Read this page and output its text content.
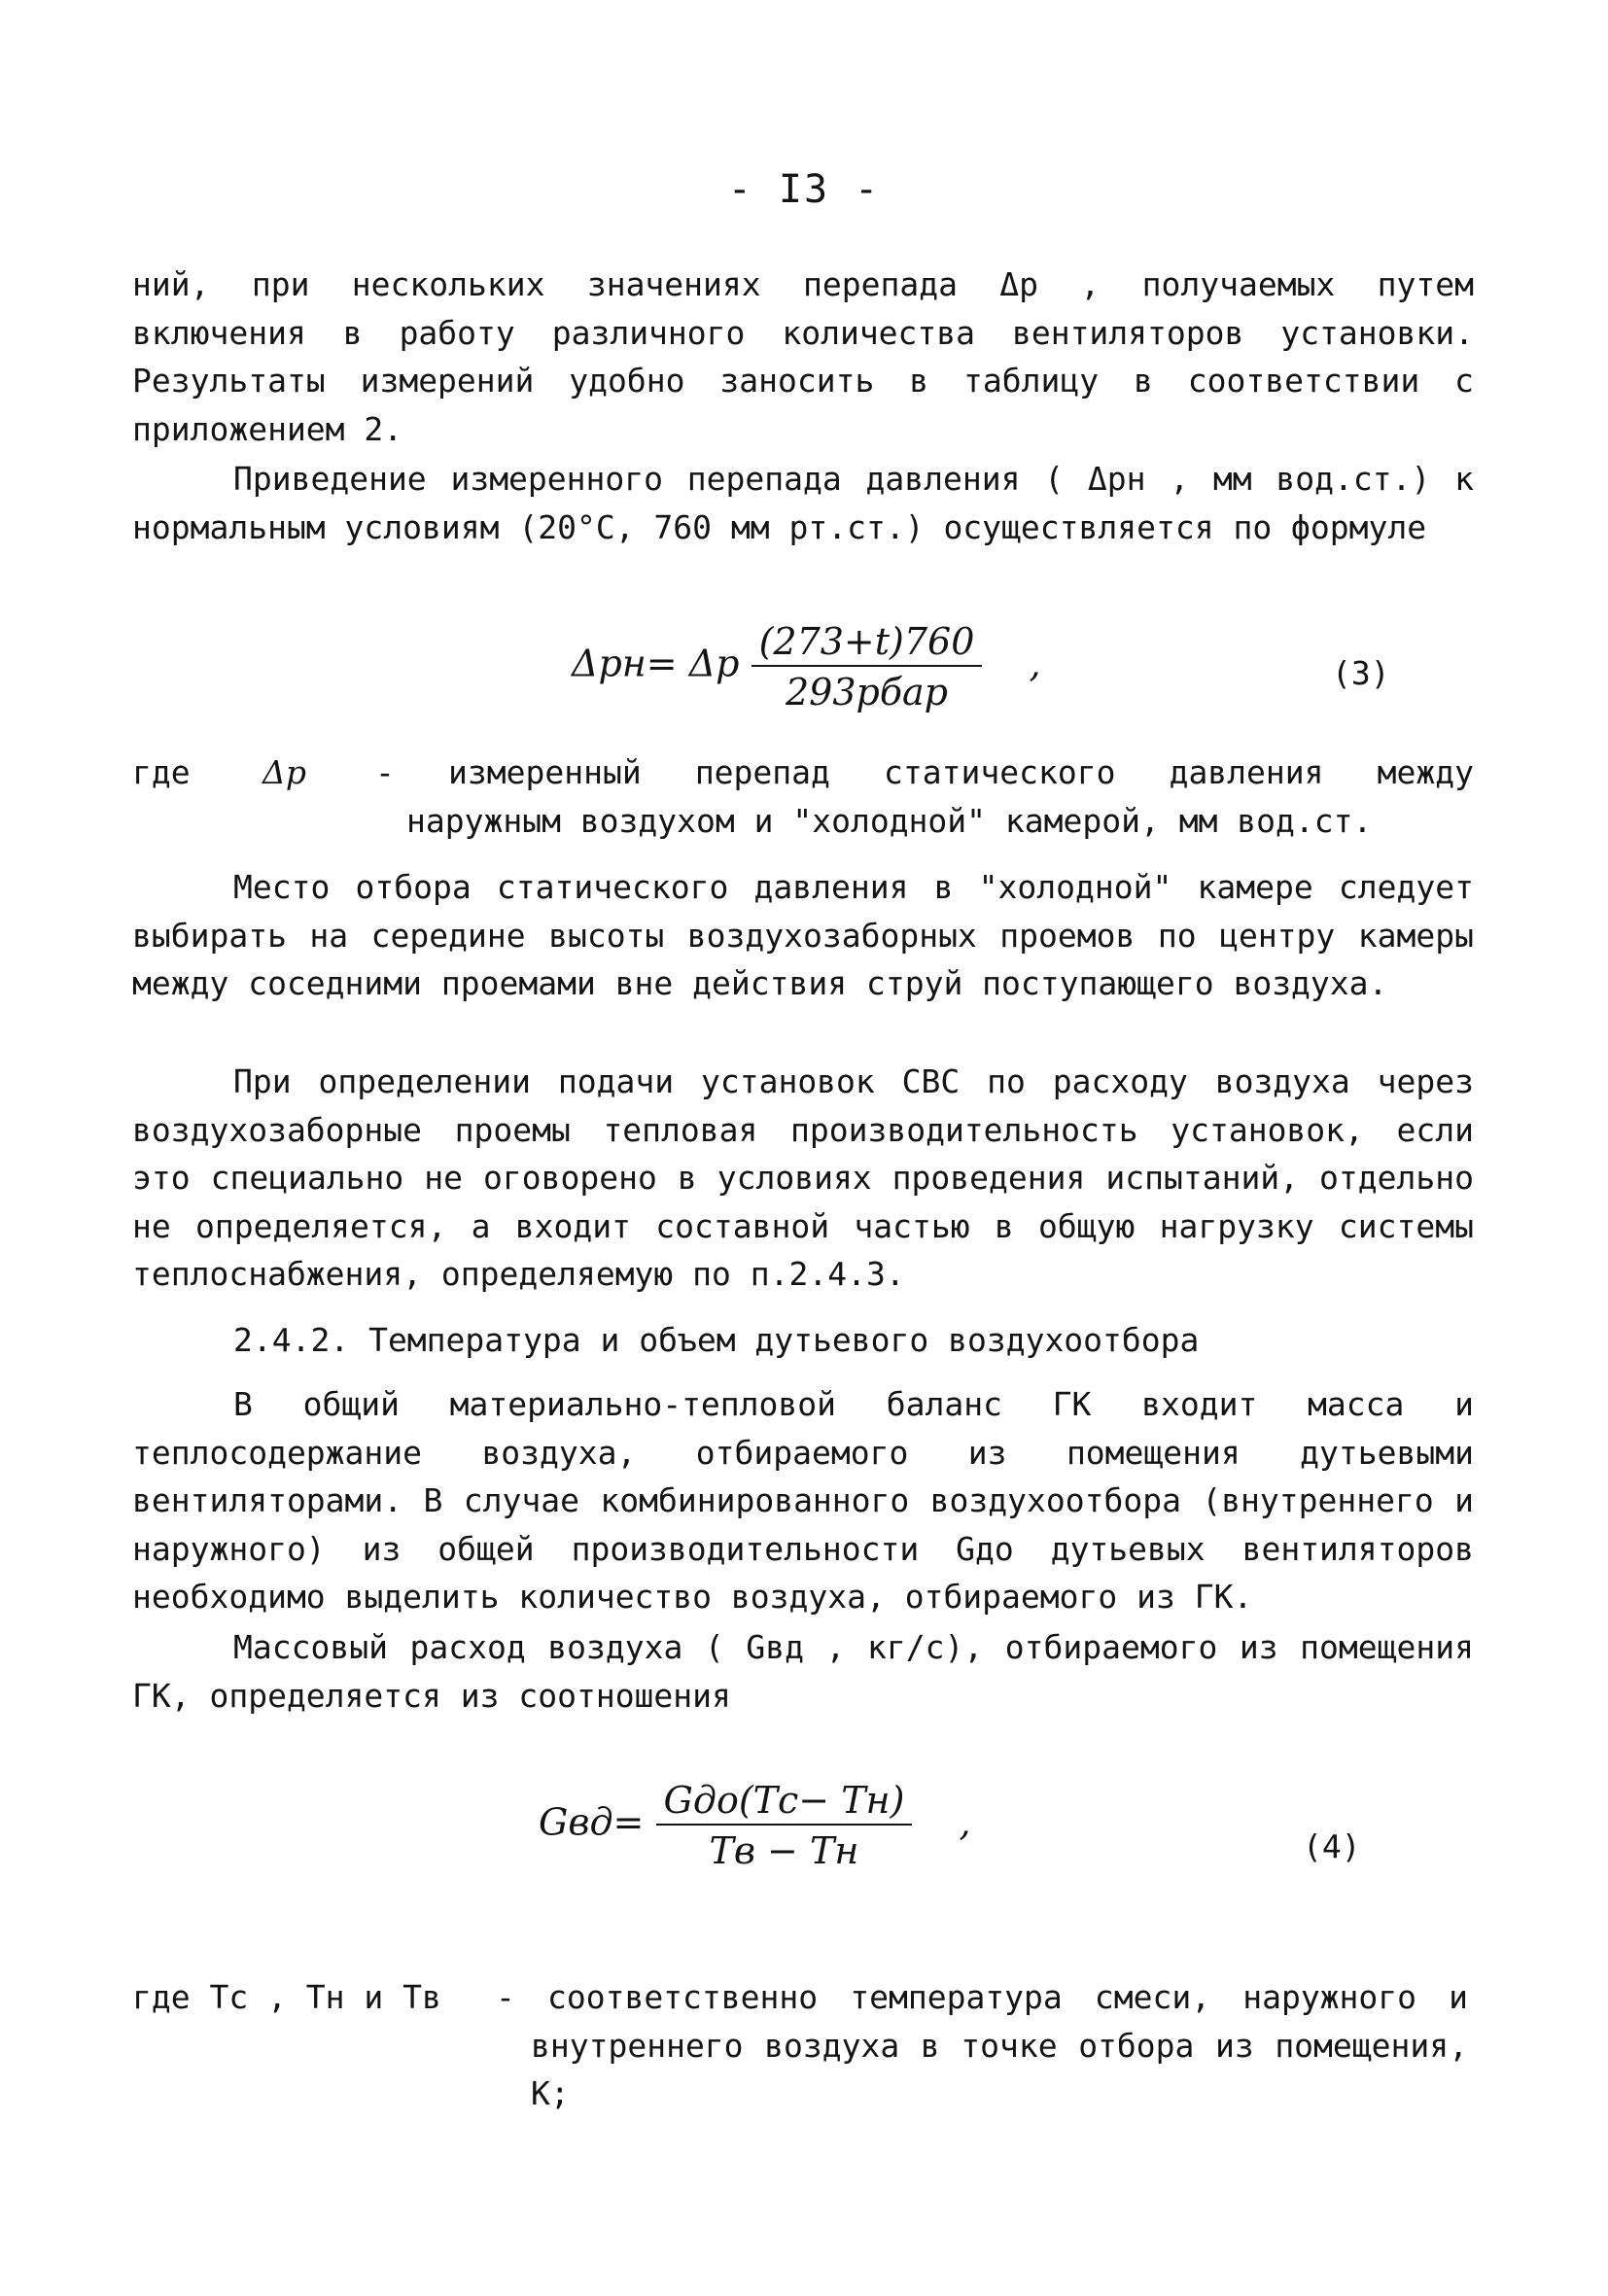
- I3 -

ний, при нескольких значениях перепада Δp , получаемых путем включения в работу различного количества вентиляторов установки. Результаты измерений удобно заносить в таблицу в соответствии с приложением 2.

Приведение измеренного перепада давления ( Δpн , мм вод.ст.) к нормальным условиям (20°С, 760 мм рт.ст.) осуществляется по формуле

Δpн= Δp $\frac{(273+t)760}{\text{293pбар}}$ ,	(3)
где Δp - измеренный перепад статического давления между наружным воздухом и "холодной" камерой, мм вод.ст.

Место отбора статического давления в "холодной" камере следует выбирать на середине высоты воздухозаборных проемов по центру камеры между соседними проемами вне действия струй поступающего воздуха.

При определении подачи установок СВС по расходу воздуха через воздухозаборные проемы тепловая производительность установок, если это специально не оговорено в условиях проведения испытаний, отдельно не определяется, а входит составной частью в общую нагрузку системы теплоснабжения, определяемую по п.2.4.3.

2.4.2. Температура и объем дутьевого воздухоотбора

В общий материально-тепловой баланс ГК входит масса и теплосодержание воздуха, отбираемого из помещения дутьевыми вентиляторами. В случае комбинированного воздухоотбора (внутреннего и наружного) из общей производительности Gдо дутьевых вентиляторов необходимо выделить количество воздуха, отбираемого из ГК.

Массовый расход воздуха ( Gвд , кг/с), отбираемого из помещения ГК, определяется из соотношения

$Gвд= \frac{\text{Gдо(Tс− Tн)}}{Tв - Tн}$ ,
(4)
где Tс , Tн и Tв - соответственно температура смеси, наружного и внутреннего воздуха в точке отбора из помещения, К;
